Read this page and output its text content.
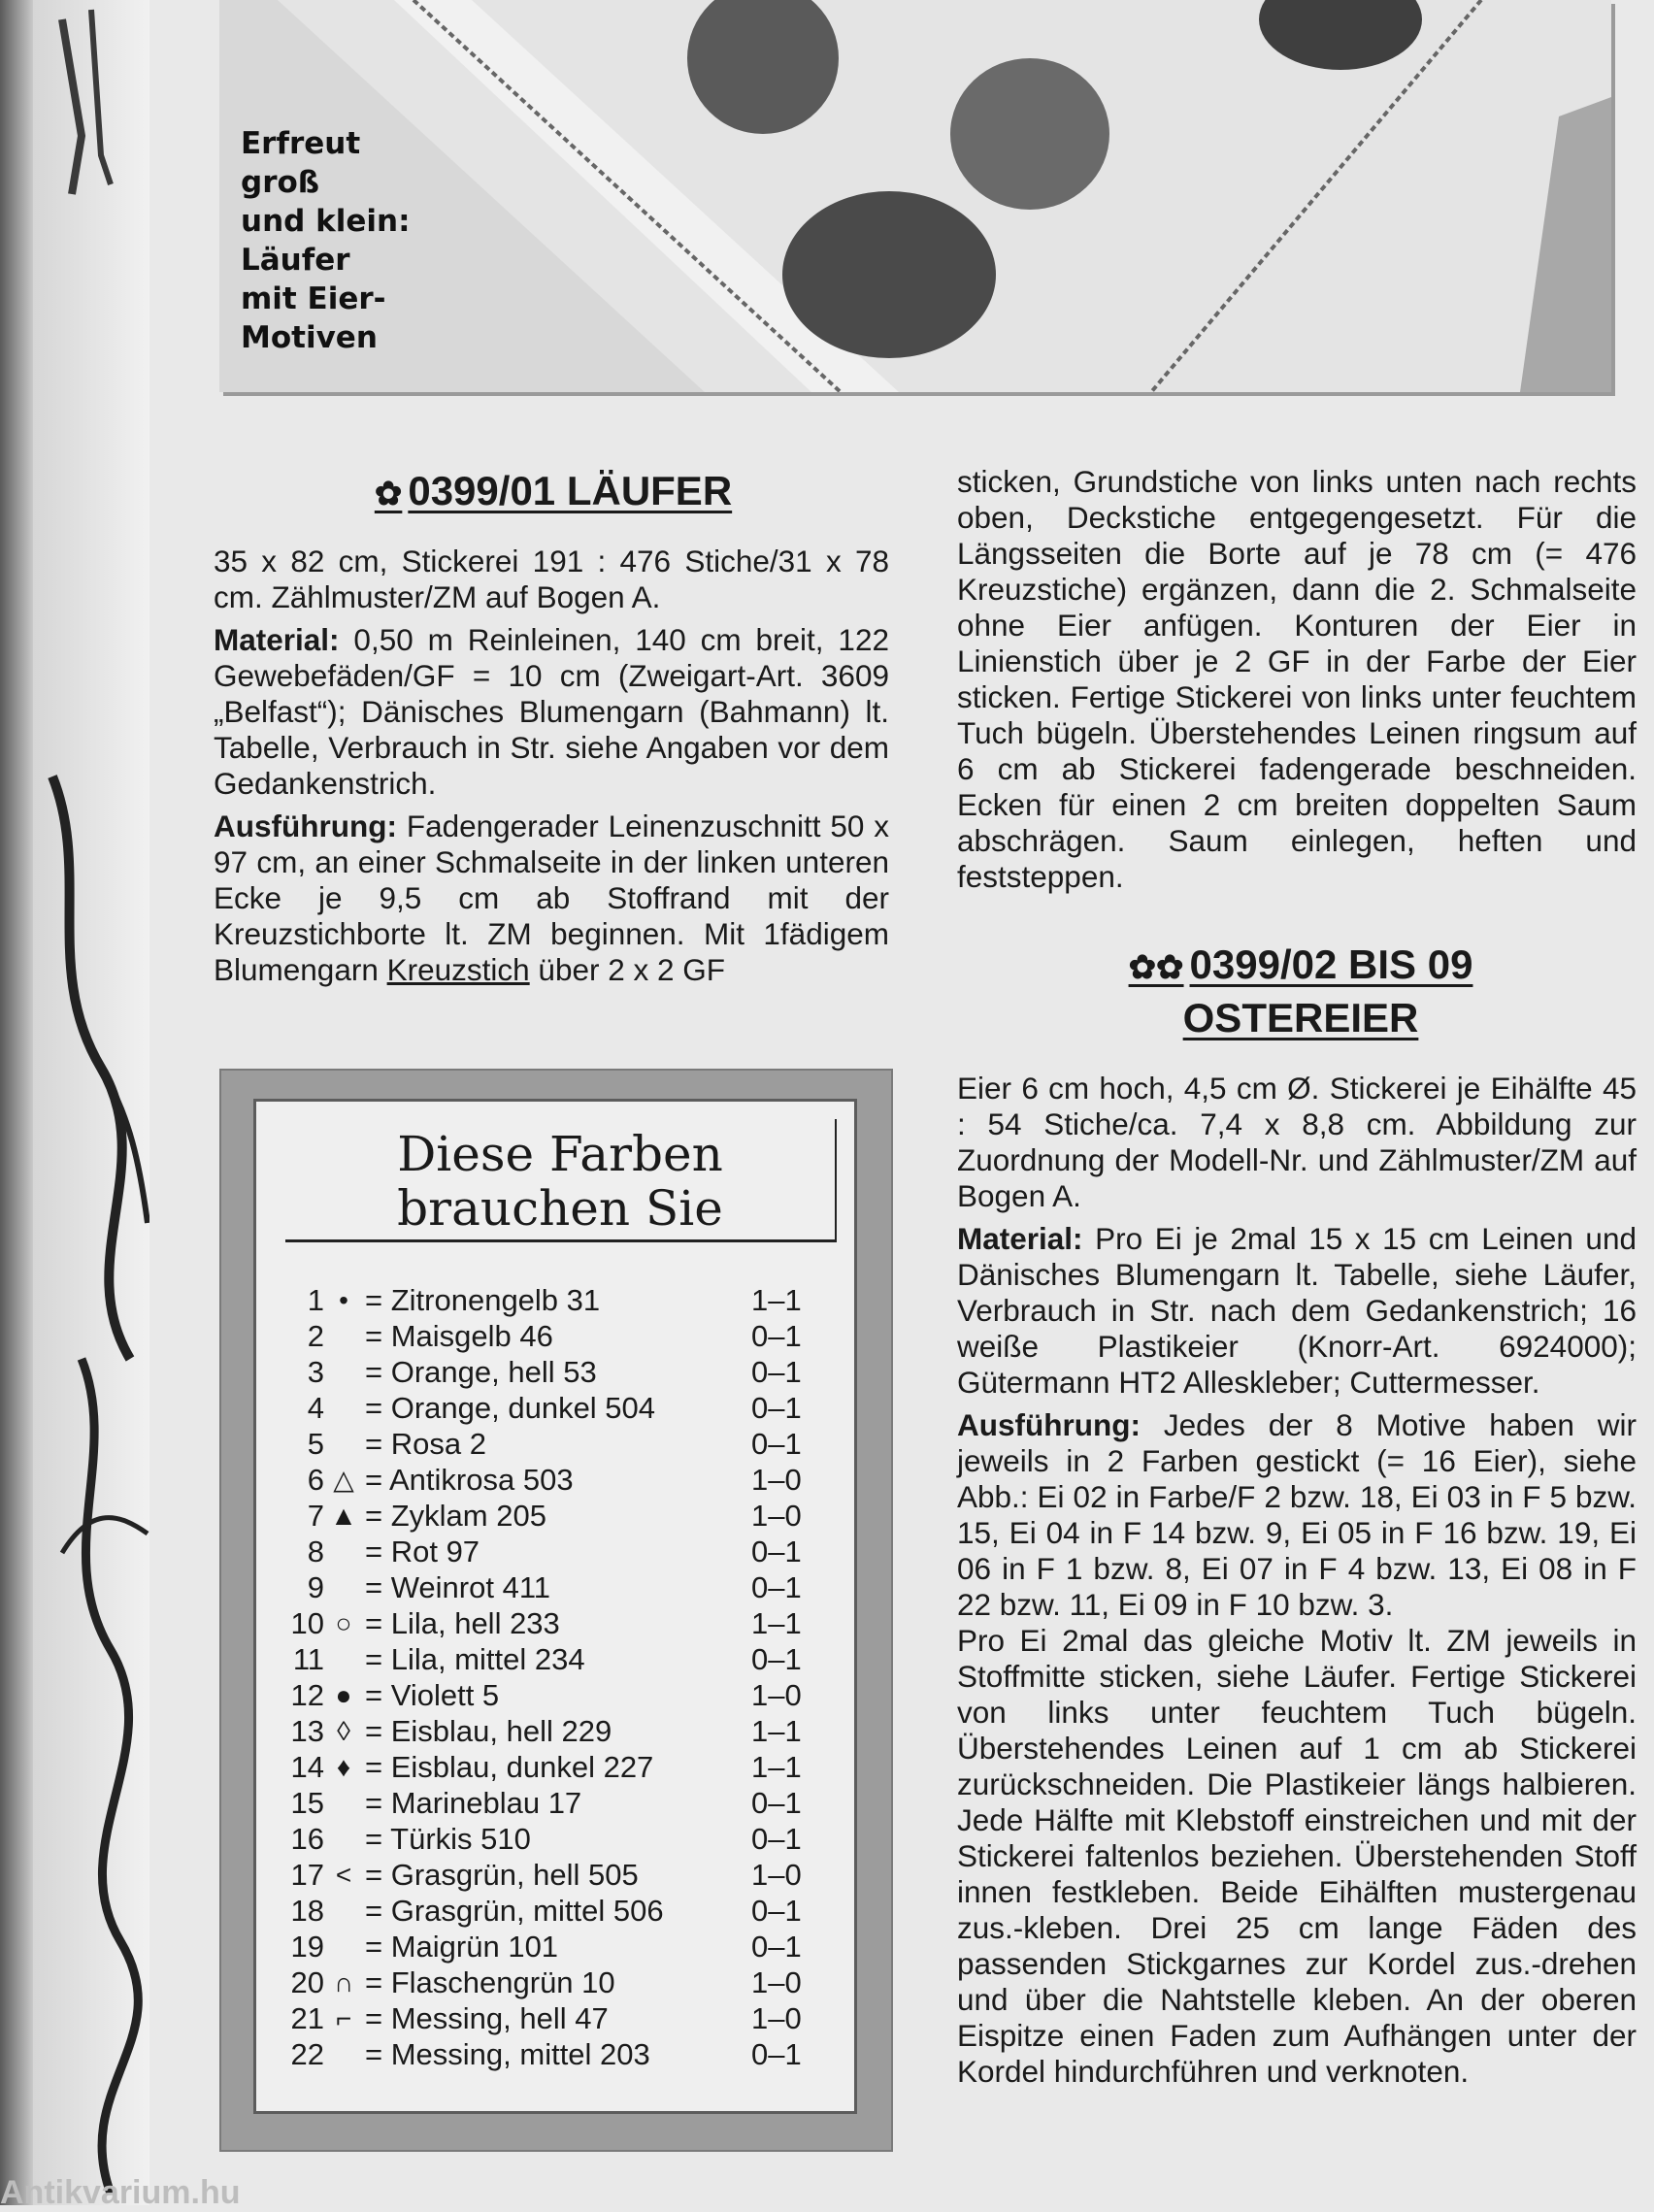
Erfreut
groß
und klein:
Läufer
mit Eier-
Motiven

✿ 0399/01 LÄUFER

35 x 82 cm, Stickerei 191 : 476 Stiche/31 x 78 cm. Zählmuster/ZM auf Bogen A.

Material: 0,50 m Reinleinen, 140 cm breit, 122 Gewebefäden/GF = 10 cm (Zweigart-Art. 3609 „Belfast“); Dänisches Blumengarn (Bahmann) lt. Tabelle, Verbrauch in Str. siehe Angaben vor dem Gedankenstrich.

Ausführung: Fadengerader Leinenzuschnitt 50 x 97 cm, an einer Schmalseite in der linken unteren Ecke je 9,5 cm ab Stoffrand mit der Kreuzstichborte lt. ZM beginnen. Mit 1fädigem Blumengarn Kreuzstich über 2 x 2 GF

sticken, Grundstiche von links unten nach rechts oben, Deckstiche entgegengesetzt. Für die Längsseiten die Borte auf je 78 cm (= 476 Kreuzstiche) ergänzen, dann die 2. Schmalseite ohne Eier anfügen. Konturen der Eier in Linienstich über je 2 GF in der Farbe der Eier sticken. Fertige Stickerei von links unter feuchtem Tuch bügeln. Überstehendes Leinen ringsum auf 6 cm ab Stickerei fadengerade beschneiden. Ecken für einen 2 cm breiten doppelten Saum abschrägen. Saum einlegen, heften und feststeppen.

✿✿ 0399/02 BIS 09
OSTEREIER

Eier 6 cm hoch, 4,5 cm Ø. Stickerei je Eihälfte 45 : 54 Stiche/ca. 7,4 x 8,8 cm. Abbildung zur Zuordnung der Modell-Nr. und Zählmuster/ZM auf Bogen A.

Material: Pro Ei je 2mal 15 x 15 cm Leinen und Dänisches Blumengarn lt. Tabelle, siehe Läufer, Verbrauch in Str. nach dem Gedankenstrich; 16 weiße Plastikeier (Knorr-Art. 6924000); Gütermann HT2 Alleskleber; Cuttermesser.

Ausführung: Jedes der 8 Motive haben wir jeweils in 2 Farben gestickt (= 16 Eier), siehe Abb.: Ei 02 in Farbe/F 2 bzw. 18, Ei 03 in F 5 bzw. 15, Ei 04 in F 14 bzw. 9, Ei 05 in F 16 bzw. 19, Ei 06 in F 1 bzw. 8, Ei 07 in F 4 bzw. 13, Ei 08 in F 22 bzw. 11, Ei 09 in F 10 bzw. 3.

Pro Ei 2mal das gleiche Motiv lt. ZM jeweils in Stoffmitte sticken, siehe Läufer. Fertige Stickerei von links unter feuchtem Tuch bügeln. Überstehendes Leinen auf 1 cm ab Stickerei zurückschneiden. Die Plastikeier längs halbieren. Jede Hälfte mit Klebstoff einstreichen und mit der Stickerei faltenlos beziehen. Überstehenden Stoff innen festkleben. Beide Eihälften mustergenau zus.-kleben. Drei 25 cm lange Fäden des passenden Stickgarnes zur Kordel zus.-drehen und über die Nahtstelle kleben. An der oberen Eispitze einen Faden zum Aufhängen unter der Kordel hindurchführen und verknoten.

Diese Farben
brauchen Sie
1 • = Zitronengelb 31	1–1
2 = Maisgelb 46	0–1
3 = Orange, hell 53	0–1
4 = Orange, dunkel 504	0–1
5 = Rosa 2	0–1
6 △ = Antikrosa 503	1–0
7 ▲ = Zyklam 205	1–0
8 = Rot 97	0–1
9 = Weinrot 411	0–1
10 ○ = Lila, hell 233	1–1
11 = Lila, mittel 234	0–1
12 ● = Violett 5	1–0
13 ◊ = Eisblau, hell 229	1–1
14 ♦ = Eisblau, dunkel 227	1–1
15 = Marineblau 17	0–1
16 = Türkis 510	0–1
17 < = Grasgrün, hell 505	1–0
18 = Grasgrün, mittel 506	0–1
19 = Maigrün 101	0–1
20 ∩ = Flaschengrün 10	1–0
21 ⌐ = Messing, hell 47	1–0
22 = Messing, mittel 203	0–1
Antikvarium.hu
